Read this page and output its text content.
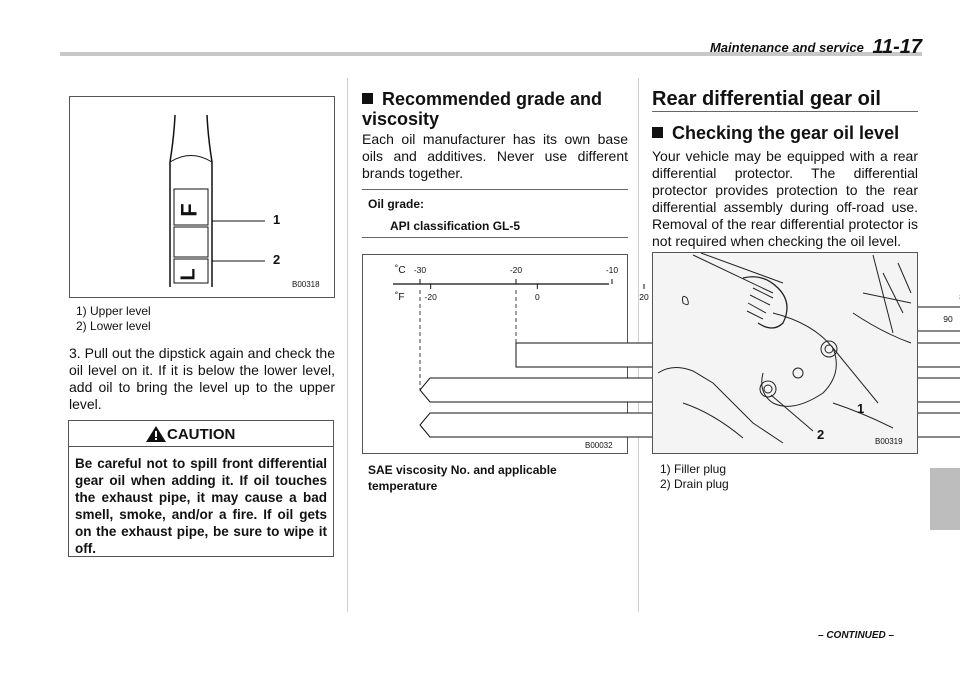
Maintenance and service 11-17
F
L
1
2
B00318
1) Upper level
2) Lower level
3. Pull out the dipstick again and check the oil level on it. If it is below the lower level, add oil to bring the level up to the upper level.
CAUTION
Be careful not to spill front differential gear oil when adding it. If oil touches the exhaust pipe, it may cause a bad smell, smoke, and/or a fire. If oil gets on the exhaust pipe, be sure to wipe it off.
Recommended grade and viscosity
Each oil manufacturer has its own base oils and additives. Never use different brands together.
Oil grade:
API classification GL-5
˚C
˚F
-30	-20	-10
-20	0	20
90
B00032
SAE viscosity No. and applicable temperature
Rear differential gear oil
Checking the gear oil level
Your vehicle may be equipped with a rear differential protector. The differential protector provides protection to the rear differential assembly during off-road use. Removal of the rear differential protector is not required when checking the oil level.
1
2	B00319
1) Filler plug
2) Drain plug
– CONTINUED –
